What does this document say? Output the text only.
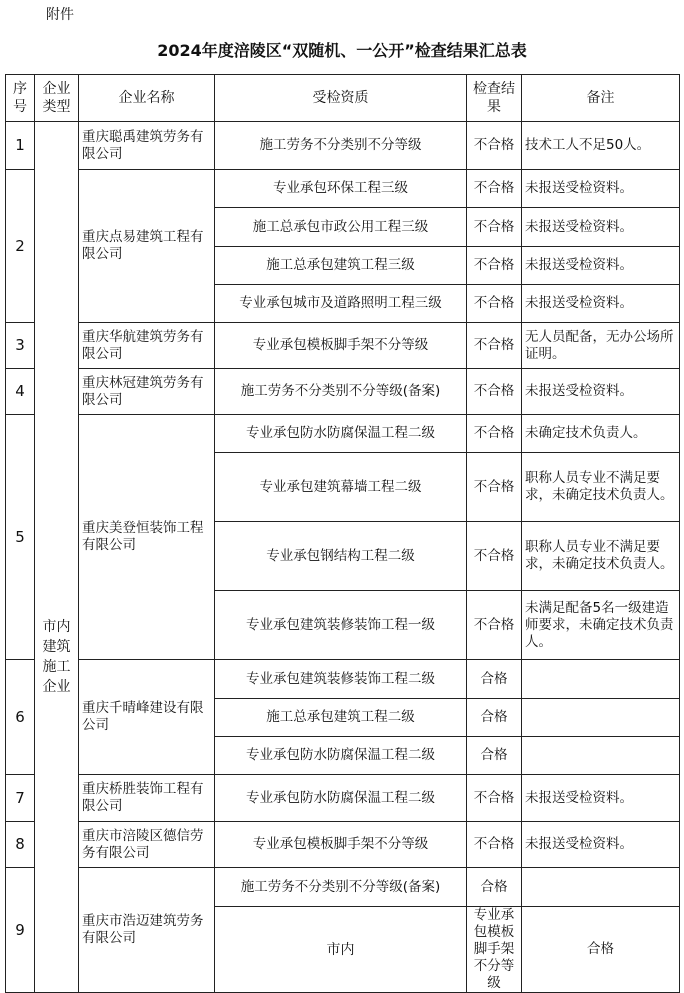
附件
2024年度涪陵区“双随机、一公开”检查结果汇总表
序号	企业类型	企业名称	受检资质	检查结果	备注	
1	市内建筑施工企业	重庆聪禹建筑劳务有限公司	施工劳务不分类别不分等级	不合格	技术工人不足50人。	
2		重庆点易建筑工程有限公司	专业承包环保工程三级	不合格	未报送受检资料。	
			施工总承包市政公用工程三级	不合格	未报送受检资料。	
			施工总承包建筑工程三级	不合格	未报送受检资料。	
			专业承包城市及道路照明工程三级	不合格	未报送受检资料。	
3		重庆华航建筑劳务有限公司	专业承包模板脚手架不分等级	不合格	无人员配备，无办公场所证明。	
4		重庆林冠建筑劳务有限公司	施工劳务不分类别不分等级(备案)	不合格	未报送受检资料。	
5		重庆美登恒装饰工程有限公司	专业承包防水防腐保温工程二级	不合格	未确定技术负责人。	
			专业承包建筑幕墙工程二级	不合格	职称人员专业不满足要求，未确定技术负责人。	
			专业承包钢结构工程二级	不合格	职称人员专业不满足要求，未确定技术负责人。	
			专业承包建筑装修装饰工程一级	不合格	未满足配备5名一级建造师要求，未确定技术负责人。	
6		重庆千晴峰建设有限公司	专业承包建筑装修装饰工程二级	合格		
			施工总承包建筑工程二级	合格		
			专业承包防水防腐保温工程二级	合格		
7		重庆桥胜装饰工程有限公司	专业承包防水防腐保温工程二级	不合格	未报送受检资料。	
8		重庆市涪陵区德信劳务有限公司	专业承包模板脚手架不分等级	不合格	未报送受检资料。	
9		重庆市浩迈建筑劳务有限公司	施工劳务不分类别不分等级(备案)	合格		
			市内	专业承包模板脚手架不分等级	合格	
